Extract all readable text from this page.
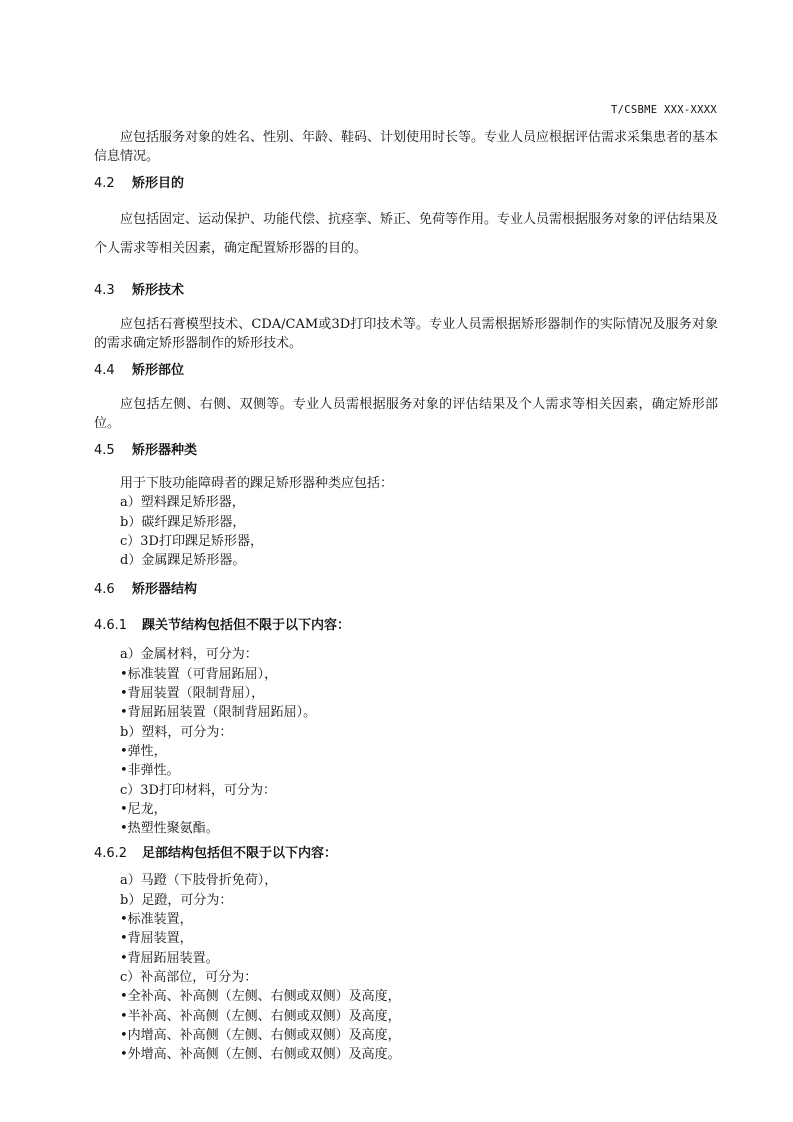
T/CSBME XXX-XXXX

应包括服务对象的姓名、性别、年龄、鞋码、计划使用时长等。专业人员应根据评估需求采集患者的基本信息情况。

4.2 矫形目的

应包括固定、运动保护、功能代偿、抗痉挛、矫正、免荷等作用。专业人员需根据服务对象的评估结果及个人需求等相关因素，确定配置矫形器的目的。

4.3 矫形技术

应包括石膏模型技术、CDA/CAM或3D打印技术等。专业人员需根据矫形器制作的实际情况及服务对象的需求确定矫形器制作的矫形技术。

4.4 矫形部位

应包括左侧、右侧、双侧等。专业人员需根据服务对象的评估结果及个人需求等相关因素，确定矫形部位。

4.5 矫形器种类
用于下肢功能障碍者的踝足矫形器种类应包括：
a）塑料踝足矫形器，
b）碳纤踝足矫形器，
c）3D打印踝足矫形器，
d）金属踝足矫形器。
4.6 矫形器结构
4.6.1 踝关节结构包括但不限于以下内容：
a）金属材料，可分为：
•标准装置（可背屈跖屈），
•背屈装置（限制背屈），
•背屈跖屈装置（限制背屈跖屈）。
b）塑料，可分为：
•弹性，
•非弹性。
c）3D打印材料，可分为：
•尼龙，
•热塑性聚氨酯。
4.6.2 足部结构包括但不限于以下内容：
a）马蹬（下肢骨折免荷），
b）足蹬，可分为：
•标准装置，
•背屈装置，
•背屈跖屈装置。
c）补高部位，可分为：
•全补高、补高侧（左侧、右侧或双侧）及高度，
•半补高、补高侧（左侧、右侧或双侧）及高度，
•内增高、补高侧（左侧、右侧或双侧）及高度，
•外增高、补高侧（左侧、右侧或双侧）及高度。
